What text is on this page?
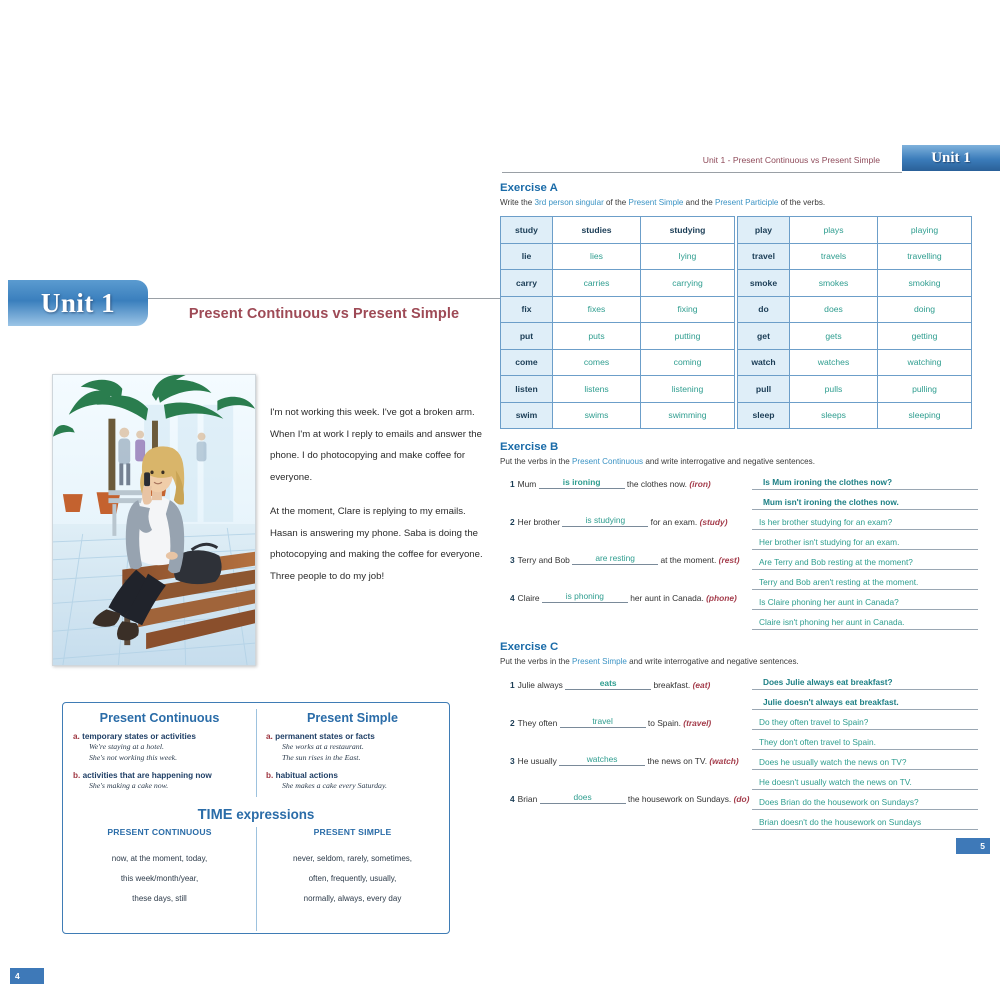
Unit 1	Present Continuous vs Present Simple

I'm not working this week. I've got a broken arm. When I'm at work I reply to emails and answer the phone. I do photocopying and make coffee for everyone.

At the moment, Clare is replying to my emails. Hasan is answering my phone. Saba is doing the photocopying and making the coffee for everyone. Three people to do my job!

Present Continuous
a. temporary states or activities
We're staying at a hotel.
She's not working this week.
b. activities that are happening now
She's making a cake now.
Present Simple
a. permanent states or facts
She works at a restaurant.
The sun rises in the East.
b. habitual actions
She makes a cake every Saturday.
TIME expressions
PRESENT CONTINUOUS
now, at the moment, today,
this week/month/year,
these days, still
PRESENT SIMPLE
never, seldom, rarely, sometimes,
often, frequently, usually,
normally, always, every day
4
Unit 1 - Present Continuous vs Present Simple	Unit 1
Exercise A
Write the 3rd person singular of the Present Simple and the Present Participle of the verbs.
study	studies	studying
lie	lies	lying
carry	carries	carrying
fix	fixes	fixing
put	puts	putting
come	comes	coming
listen	listens	listening
swim	swims	swimming
play	plays	playing
travel	travels	travelling
smoke	smokes	smoking
do	does	doing
get	gets	getting
watch	watches	watching
pull	pulls	pulling
sleep	sleeps	sleeping
Exercise B
Put the verbs in the Present Continuous and write interrogative and negative sentences.
1 Mum	is ironing	the clothes now. (iron)
2 Her brother	is studying	for an exam. (study)
3 Terry and Bob	are resting	at the moment. (rest)
4 Claire	is phoning	her aunt in Canada. (phone)
Is Mum ironing the clothes now?
Mum isn't ironing the clothes now.
Is her brother studying for an exam?
Her brother isn't studying for an exam.
Are Terry and Bob resting at the moment?
Terry and Bob aren't resting at the moment.
Is Claire phoning her aunt in Canada?
Claire isn't phoning her aunt in Canada.
Exercise C
Put the verbs in the Present Simple and write interrogative and negative sentences.
1 Julie always	eats	breakfast. (eat)
2 They often	travel	to Spain. (travel)
3 He usually	watches	the news on TV. (watch)
4 Brian	does	the housework on Sundays. (do)
Does Julie always eat breakfast?
Julie doesn't always eat breakfast.
Do they often travel to Spain?
They don't often travel to Spain.
Does he usually watch the news on TV?
He doesn't usually watch the news on TV.
Does Brian do the housework on Sundays?
Brian doesn't do the housework on Sundays
5
